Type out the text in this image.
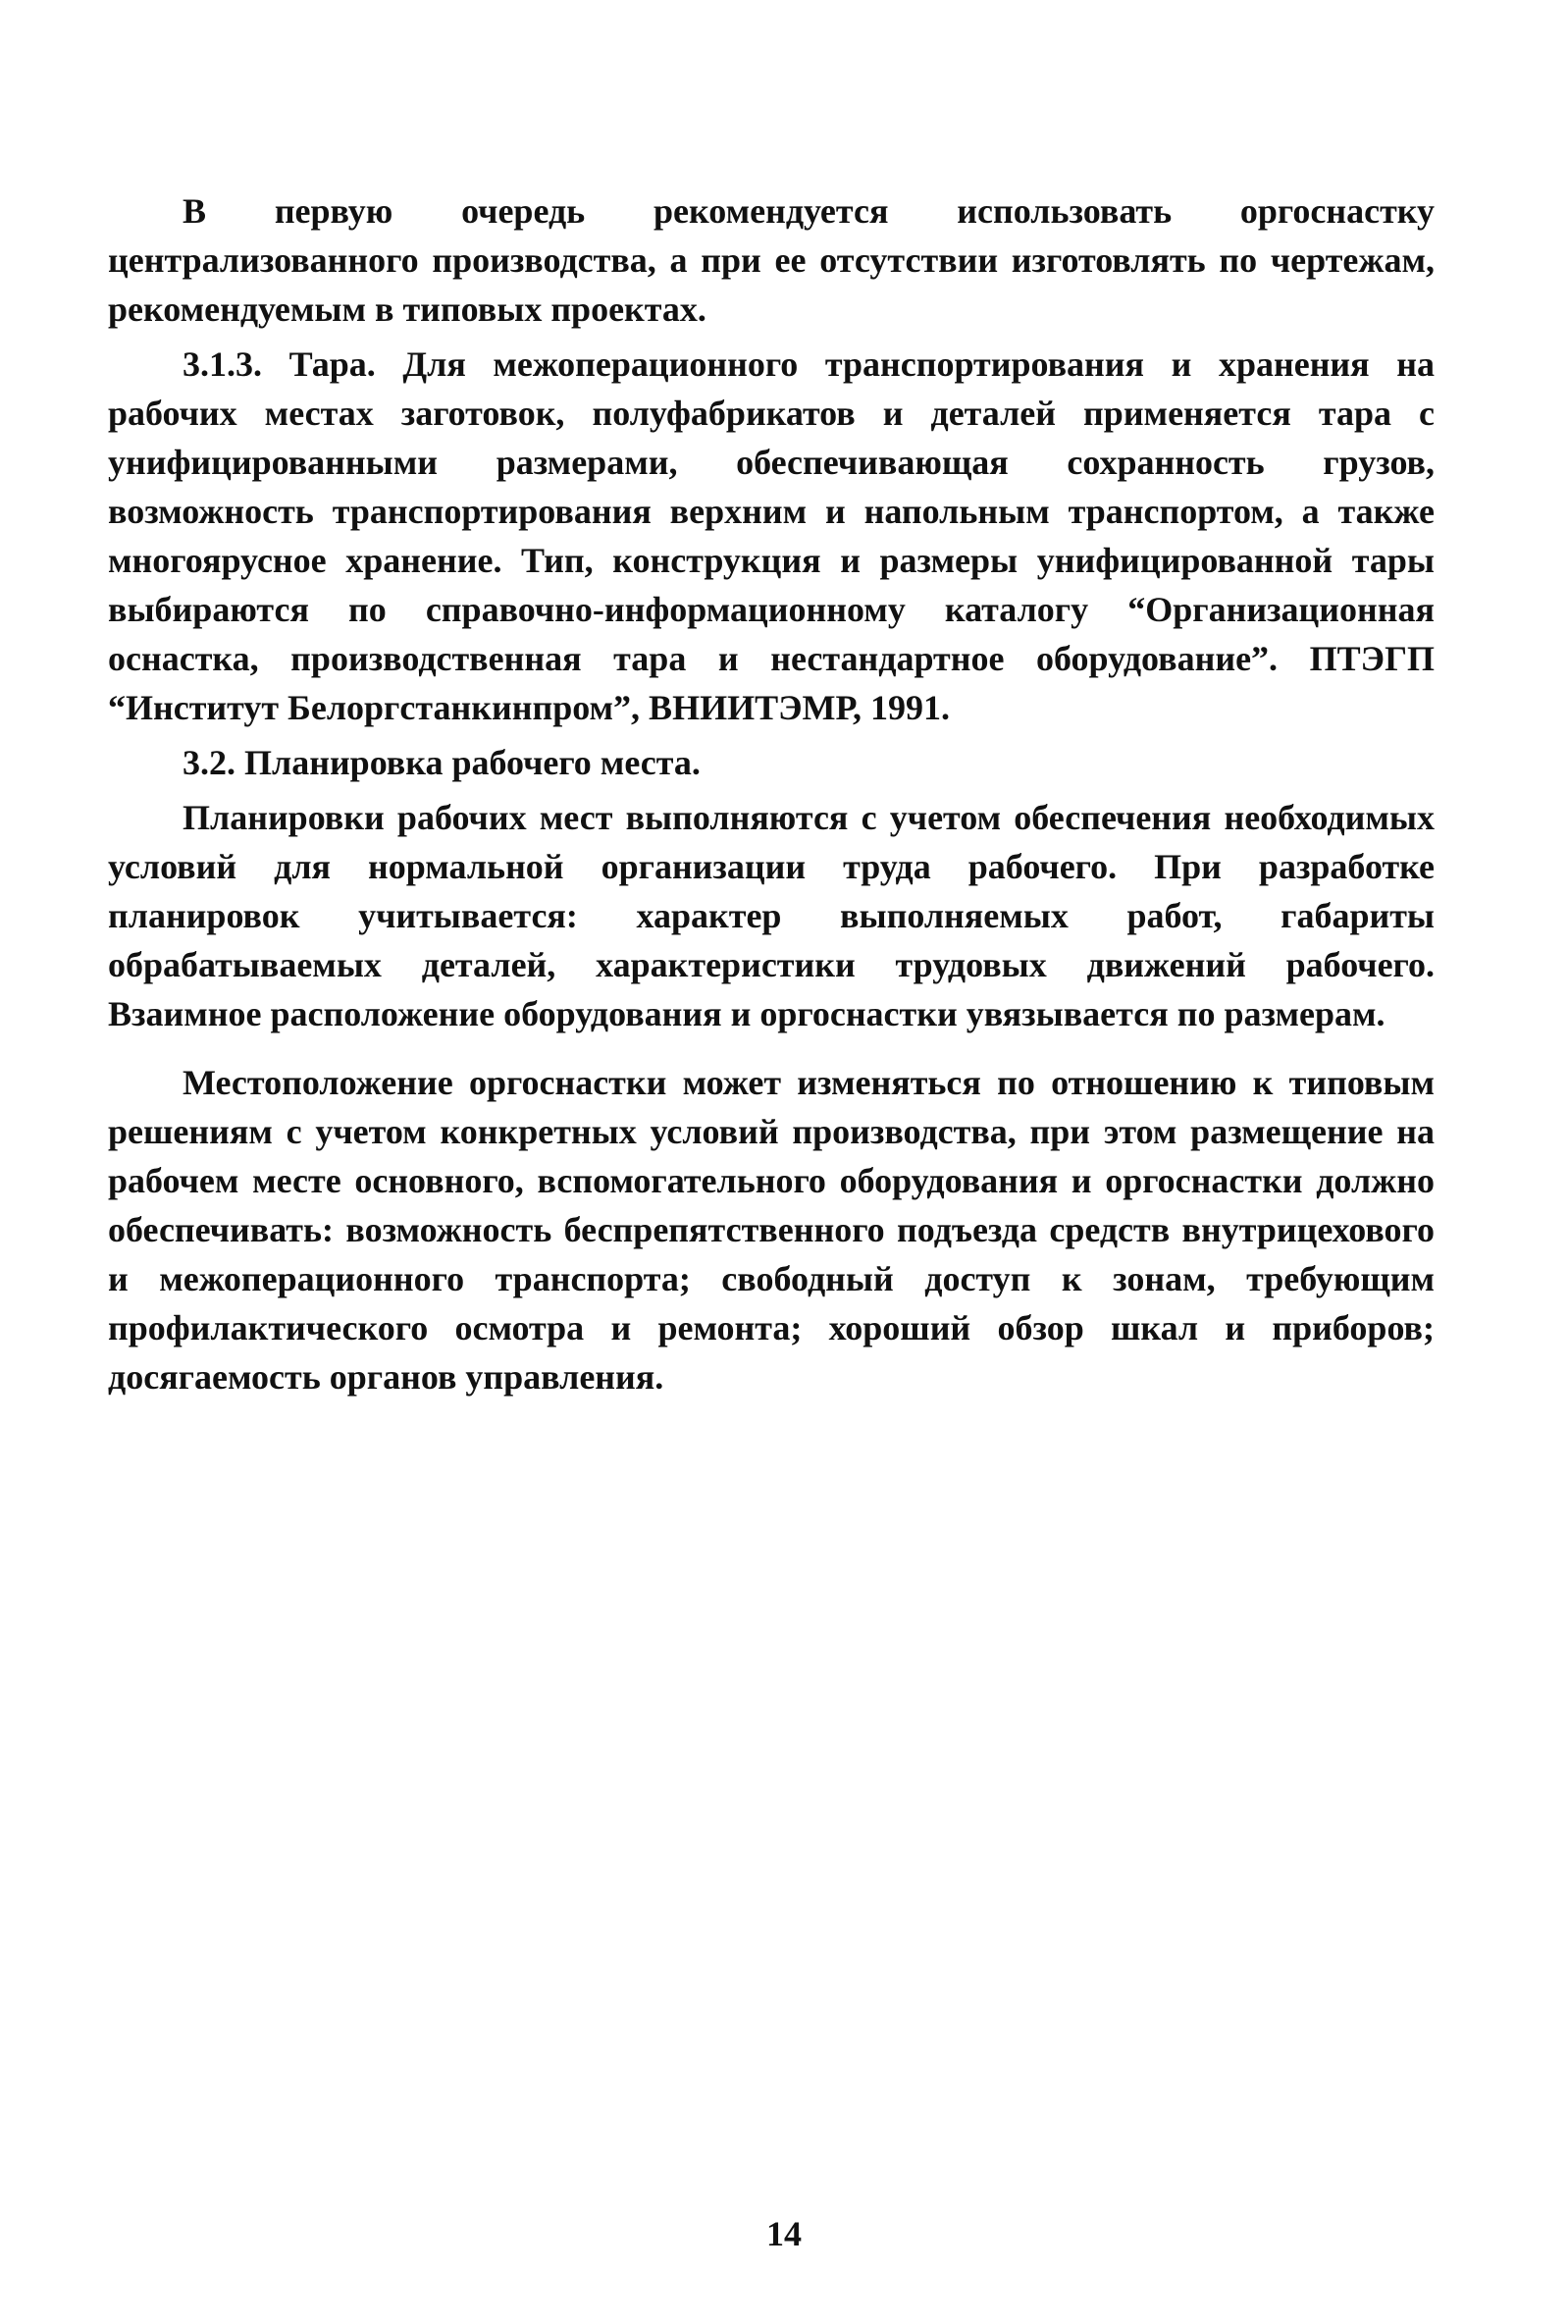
В первую очередь рекомендуется использовать оргоснастку централизованного производства, а при ее отсутствии изготовлять по чертежам, рекомендуемым в типовых проектах.

3.1.3. Тара. Для межоперационного транспортирования и хранения на рабочих местах заготовок, полуфабрикатов и деталей применяется тара с унифицированными размерами, обеспечивающая сохранность грузов, возможность транспортирования верхним и напольным транспортом, а также многоярусное хранение. Тип, конструкция и размеры унифицированной тары выбираются по справочно-информационному каталогу “Организационная оснастка, производственная тара и нестандартное оборудование”. ПТЭГП “Институт Белоргстанкинпром”, ВНИИТЭМР, 1991.

3.2. Планировка рабочего места.

Планировки рабочих мест выполняются с учетом обеспечения необходимых условий для нормальной организации труда рабочего. При разработке планировок учитывается: характер выполняемых работ, габариты обрабатываемых деталей, характеристики трудовых движений рабочего. Взаимное расположение оборудования и оргоснастки увязывается по размерам.

Местоположение оргоснастки может изменяться по отношению к типовым решениям с учетом конкретных условий производства, при этом размещение на рабочем месте основного, вспомогательного оборудования и оргоснастки должно обеспечивать: возможность беспрепятственного подъезда средств внутрицехового и межоперационного транспорта; свободный доступ к зонам, требующим профилактического осмотра и ремонта; хороший обзор шкал и приборов; досягаемость органов управления.

14
